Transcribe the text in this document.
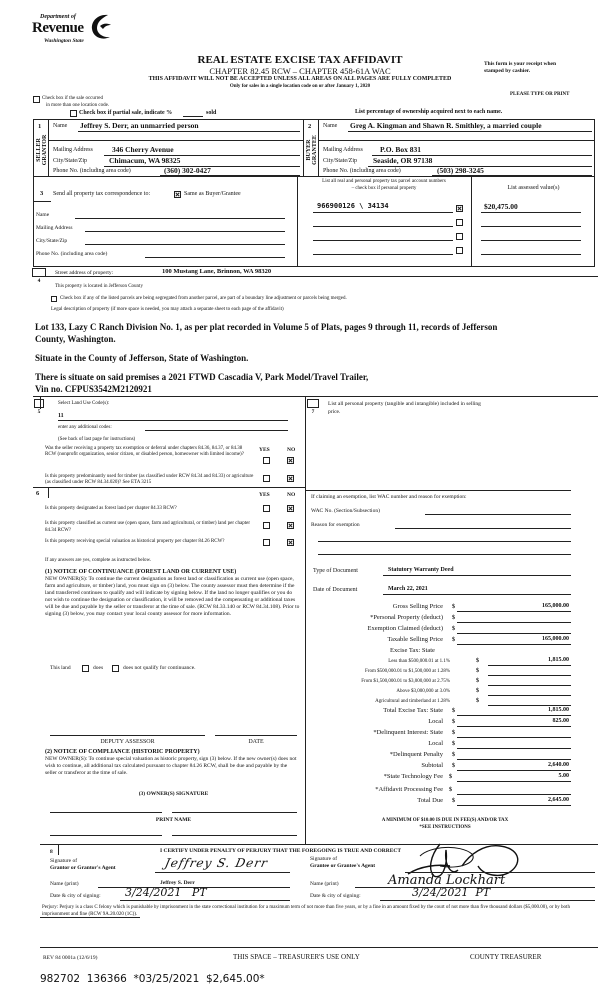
Department of
Revenue
Washington State
REAL ESTATE EXCISE TAX AFFIDAVIT
CHAPTER 82.45 RCW – CHAPTER 458-61A WAC
THIS AFFIDAVIT WILL NOT BE ACCEPTED UNLESS ALL AREAS ON ALL PAGES ARE FULLY COMPLETED
Only for sales in a single location code on or after January 1, 2020
This form is your receipt when
stamped by cashier.
PLEASE TYPE OR PRINT
Check box if the sale occurred
in more than one location code.
Check box if partial sale, indicate %	sold	List percentage of ownership acquired next to each name.
1
SELLER GRANTOR
Name Jeffrey S. Derr, an unmarried person
Mailing Address	346 Cherry Avenue
City/State/Zip	Chimacum, WA 98325
Phone No. (including area code)	(360) 302-0427
2
BUYER GRANTEE
Name Greg A. Kingman and Shawn R. Smithley, a married couple
Mailing Address P.O. Box 831
City/State/Zip Seaside, OR 97138
Phone No. (including area code)	(503) 298-3245
3 Send all property tax correspondence to:	Same as Buyer/Grantee
Name
Mailing Address
City/State/Zip
Phone No. (including area code)
List all real and personal property tax parcel account numbers
– check box if personal property	List assessed value(s)
966900126 \ 34134	$20,475.00
4
Street address of property:	100 Mustang Lane, Brinnon, WA 98320
This property is located in Jefferson County
Check box if any of the listed parcels are being segregated from another parcel, are part of a boundary line adjustment or parcels being merged.
Legal description of property (if more space is needed, you may attach a separate sheet to each page of the affidavit)
Lot 133, Lazy C Ranch Division No. 1, as per plat recorded in Volume 5 of Plats, pages 9 through 11, records of Jefferson County, Washington.
Situate in the County of Jefferson, State of Washington.
There is situate on said premises a 2021 FTWD Cascadia V, Park Model/Travel Trailer,
Vin no. CFPUS3542M2120921
5
Select Land Use Code(s):
11
enter any additional codes:
(See back of last page for instructions)
Was the seller receiving a property tax exemption or deferral under chapters 84.36, 84.37, or 84.38 RCW (nonprofit organization, senior citizen, or disabled person, homeowner with limited income)?
YES	NO
Is this property predominantly used for timber (as classified under RCW 84.34 and 84.33) or agriculture (as classified under RCW 84.34.020)? See ETA 3215
6	YES	NO
Is this property designated as forest land per chapter 84.33 RCW?
Is this property classified as current use (open space, farm and agricultural, or timber) land per chapter 84.34 RCW?
Is this property receiving special valuation as historical property per chapter 84.26 RCW?
If any answers are yes, complete as instructed below.
(1) NOTICE OF CONTINUANCE (FOREST LAND OR CURRENT USE)
NEW OWNER(S): To continue the current designation as forest land or classification as current use (open space, farm and agriculture, or timber) land, you must sign on (3) below. The county assessor must then determine if the land transferred continues to qualify and will indicate by signing below. If the land no longer qualifies or you do not wish to continue the designation or classification, it will be removed and the compensating or additional taxes will be due and payable by the seller or transferor at the time of sale. (RCW 84.33.140 or RCW 84.34.108). Prior to signing (3) below, you may contact your local county assessor for more information.
This land	does	does not qualify for continuance.
DEPUTY ASSESSOR	DATE
(2) NOTICE OF COMPLIANCE (HISTORIC PROPERTY)
NEW OWNER(S): To continue special valuation as historic property, sign (3) below. If the new owner(s) does not wish to continue, all additional tax calculated pursuant to chapter 84.26 RCW, shall be due and payable by the seller or transferor at the time of sale.
(3) OWNER(S) SIGNATURE
PRINT NAME
7
List all personal property (tangible and intangible) included in selling
price.
If claiming an exemption, list WAC number and reason for exemption:
WAC No. (Section/Subsection)
Reason for exemption
Type of Document	Statutory Warranty Deed
Date of Document	March 22, 2021
Gross Selling Price $	165,000.00
*Personal Property (deduct) $
Exemption Claimed (deduct) $
Taxable Selling Price $	165,000.00
Excise Tax: State
Less than $500,000.01 at 1.1%	$	1,815.00
From $500,000.01 to $1,500,000 at 1.28%	$
From $1,500,000.01 to $3,000,000 at 2.75%	$
Above $3,000,000 at 3.0%	$
Agricultural and timberland at 1.28%	$
Total Excise Tax: State $	1,815.00
Local $	825.00
*Delinquent Interest: State $
Local $
*Delinquent Penalty $
Subtotal $	2,640.00
*State Technology Fee $	5.00
*Affidavit Processing Fee $
Total Due $	2,645.00
A MINIMUM OF $10.00 IS DUE IN FEE(S) AND/OR TAX
*SEE INSTRUCTIONS
8	I CERTIFY UNDER PENALTY OF PERJURY THAT THE FOREGOING IS TRUE AND CORRECT
Signature of
Grantor or Grantor's Agent	Jeffrey S. Derr
Name (print)	Jeffrey S. Derr
Date & city of signing: 3/24/2021   PT
Signature of
Grantee or Grantee's Agent
Name (print)	Amanda Lockhart
Date & city of signing:	3/24/2021  PT
Perjury: Perjury is a class C felony which is punishable by imprisonment in the state correctional institution for a maximum term of not more than five years, or by a fine in an amount fixed by the court of not more than five thousand dollars ($5,000.00), or by both imprisonment and fine (RCW 9A.20.020 (1C)).
REV 84 0001a (12/6/19)	THIS SPACE – TREASURER'S USE ONLY	COUNTY TREASURER
982702  136366  *03/25/2021  $2,645.00*
